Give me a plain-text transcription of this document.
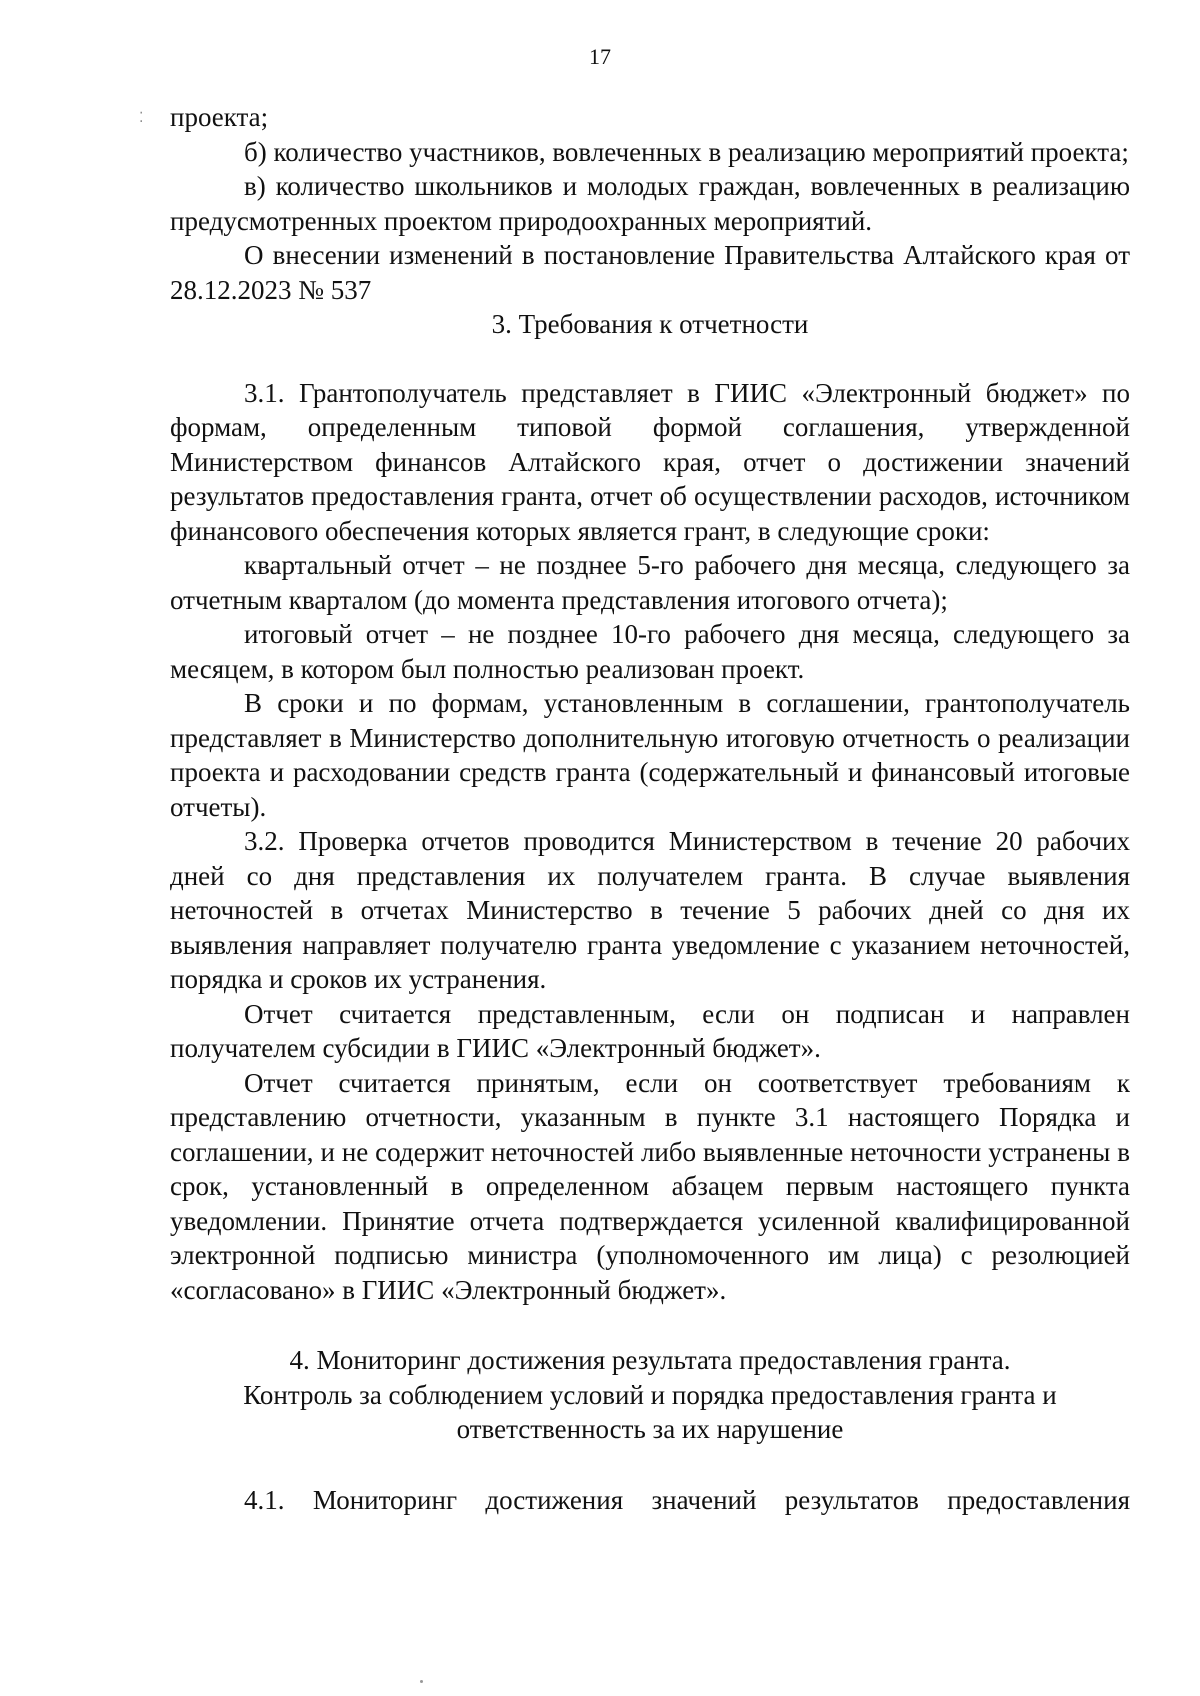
17
⁚ проекта;

б) количество участников, вовлеченных в реализацию мероприятий проекта;

в) количество школьников и молодых граждан, вовлеченных в реализацию предусмотренных проектом природоохранных мероприятий.

О внесении изменений в постановление Правительства Алтайского края от 28.12.2023 № 537

3. Требования к отчетности

3.1. Грантополучатель представляет в ГИИС «Электронный бюджет» по формам, определенным типовой формой соглашения, утвержденной Министерством финансов Алтайского края, отчет о достижении значений результатов предоставления гранта, отчет об осуществлении расходов, источником финансового обеспечения которых является грант, в следующие сроки:

квартальный отчет – не позднее 5-го рабочего дня месяца, следующего за отчетным кварталом (до момента представления итогового отчета);

итоговый отчет – не позднее 10-го рабочего дня месяца, следующего за месяцем, в котором был полностью реализован проект.

В сроки и по формам, установленным в соглашении, грантополучатель представляет в Министерство дополнительную итоговую отчетность о реализации проекта и расходовании средств гранта (содержательный и финансовый итоговые отчеты).

3.2. Проверка отчетов проводится Министерством в течение 20 рабочих дней со дня представления их получателем гранта. В случае выявления неточностей в отчетах Министерство в течение 5 рабочих дней со дня их выявления направляет получателю гранта уведомление с указанием неточностей, порядка и сроков их устранения.

Отчет считается представленным, если он подписан и направлен получателем субсидии в ГИИС «Электронный бюджет».

Отчет считается принятым, если он соответствует требованиям к представлению отчетности, указанным в пункте 3.1 настоящего Порядка и соглашении, и не содержит неточностей либо выявленные неточности устранены в срок, установленный в определенном абзацем первым настоящего пункта уведомлении. Принятие отчета подтверждается усиленной квалифицированной электронной подписью министра (уполномоченного им лица) с резолюцией «согласовано» в ГИИС «Электронный бюджет».

4. Мониторинг достижения результата предоставления гранта.

Контроль за соблюдением условий и порядка предоставления гранта и

ответственность за их нарушение

4.1. Мониторинг достижения значений результатов предоставления
